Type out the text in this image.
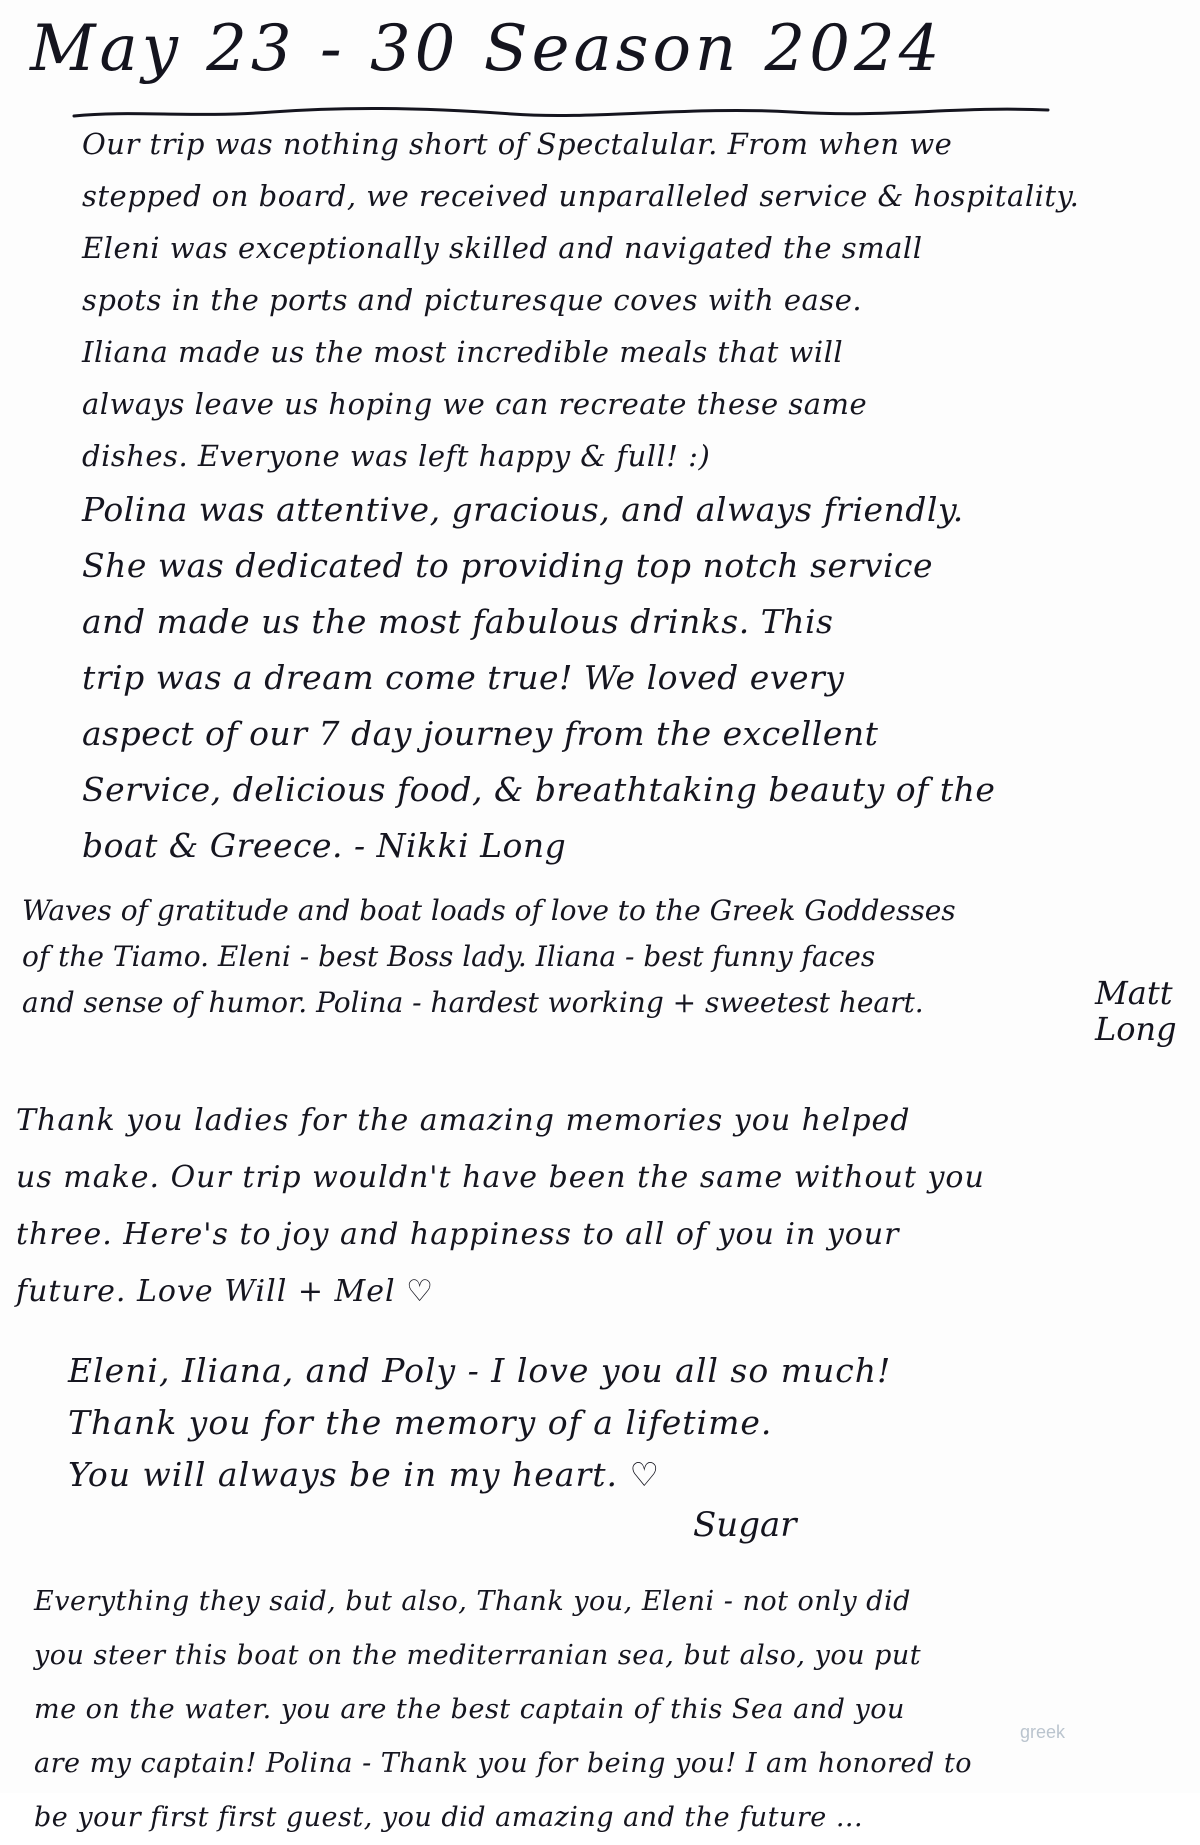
May 23 - 30 Season 2024
Our trip was nothing short of Spectalular. From when we
stepped on board, we received unparalleled service & hospitality.
Eleni was exceptionally skilled and navigated the small
spots in the ports and picturesque coves with ease.
Iliana made us the most incredible meals that will
always leave us hoping we can recreate these same
dishes. Everyone was left happy & full! :)
Polina was attentive, gracious, and always friendly.
She was dedicated to providing top notch service
and made us the most fabulous drinks. This
trip was a dream come true! We loved every
aspect of our 7 day journey from the excellent
Service, delicious food, & breathtaking beauty of the
boat & Greece. - Nikki Long
Waves of gratitude and boat loads of love to the Greek Goddesses
of the Tiamo. Eleni - best Boss lady. Iliana - best funny faces
and sense of humor. Polina - hardest working + sweetest heart.	Matt
Long
Thank you ladies for the amazing memories you helped
us make. Our trip wouldn't have been the same without you
three. Here's to joy and happiness to all of you in your
future. Love Will + Mel ♡
Eleni, Iliana, and Poly - I love you all so much!
Thank you for the memory of a lifetime.
You will always be in my heart. ♡
Sugar
Everything they said, but also, Thank you, Eleni - not only did
you steer this boat on the mediterranian sea, but also, you put
me on the water. you are the best captain of this Sea and you
are my captain! Polina - Thank you for being you! I am honored to
be your first first guest, you did amazing and the future ...
greek
